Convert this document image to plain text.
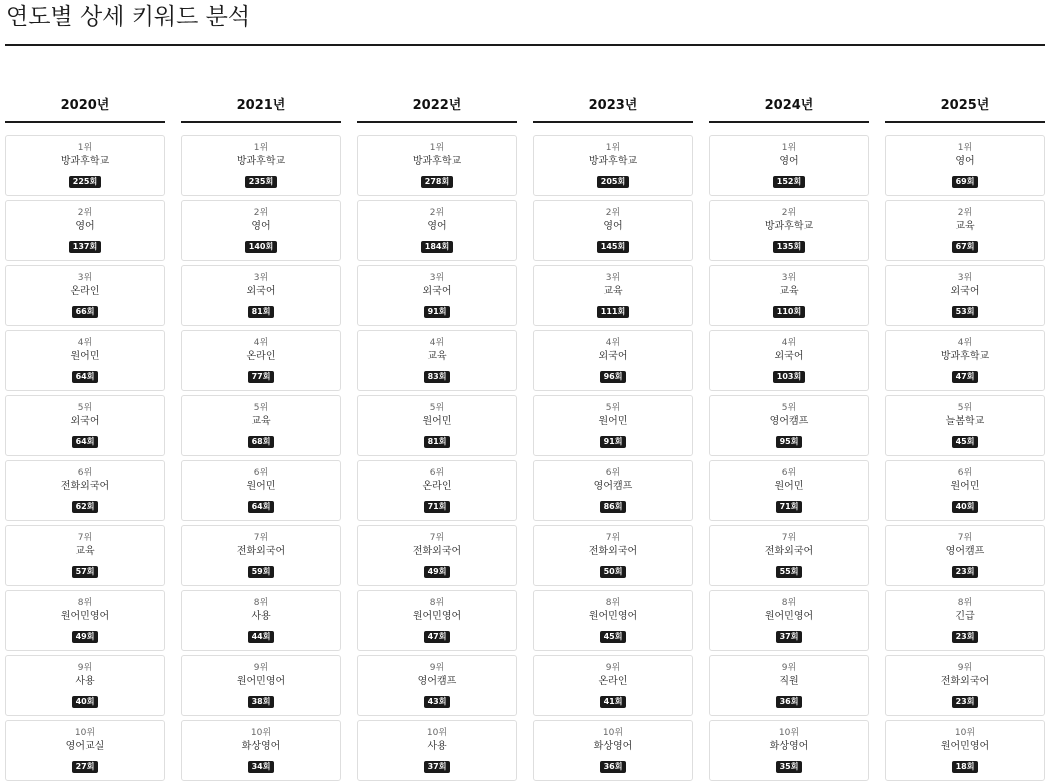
연도별 상세 키워드 분석
2020년
1위
방과후학교
225회
2위
영어
137회
3위
온라인
66회
4위
원어민
64회
5위
외국어
64회
6위
전화외국어
62회
7위
교육
57회
8위
원어민영어
49회
9위
사용
40회
10위
영어교실
27회
2021년
1위
방과후학교
235회
2위
영어
140회
3위
외국어
81회
4위
온라인
77회
5위
교육
68회
6위
원어민
64회
7위
전화외국어
59회
8위
사용
44회
9위
원어민영어
38회
10위
화상영어
34회
2022년
1위
방과후학교
278회
2위
영어
184회
3위
외국어
91회
4위
교육
83회
5위
원어민
81회
6위
온라인
71회
7위
전화외국어
49회
8위
원어민영어
47회
9위
영어캠프
43회
10위
사용
37회
2023년
1위
방과후학교
205회
2위
영어
145회
3위
교육
111회
4위
외국어
96회
5위
원어민
91회
6위
영어캠프
86회
7위
전화외국어
50회
8위
원어민영어
45회
9위
온라인
41회
10위
화상영어
36회
2024년
1위
영어
152회
2위
방과후학교
135회
3위
교육
110회
4위
외국어
103회
5위
영어캠프
95회
6위
원어민
71회
7위
전화외국어
55회
8위
원어민영어
37회
9위
직원
36회
10위
화상영어
35회
2025년
1위
영어
69회
2위
교육
67회
3위
외국어
53회
4위
방과후학교
47회
5위
늘봄학교
45회
6위
원어민
40회
7위
영어캠프
23회
8위
긴급
23회
9위
전화외국어
23회
10위
원어민영어
18회
